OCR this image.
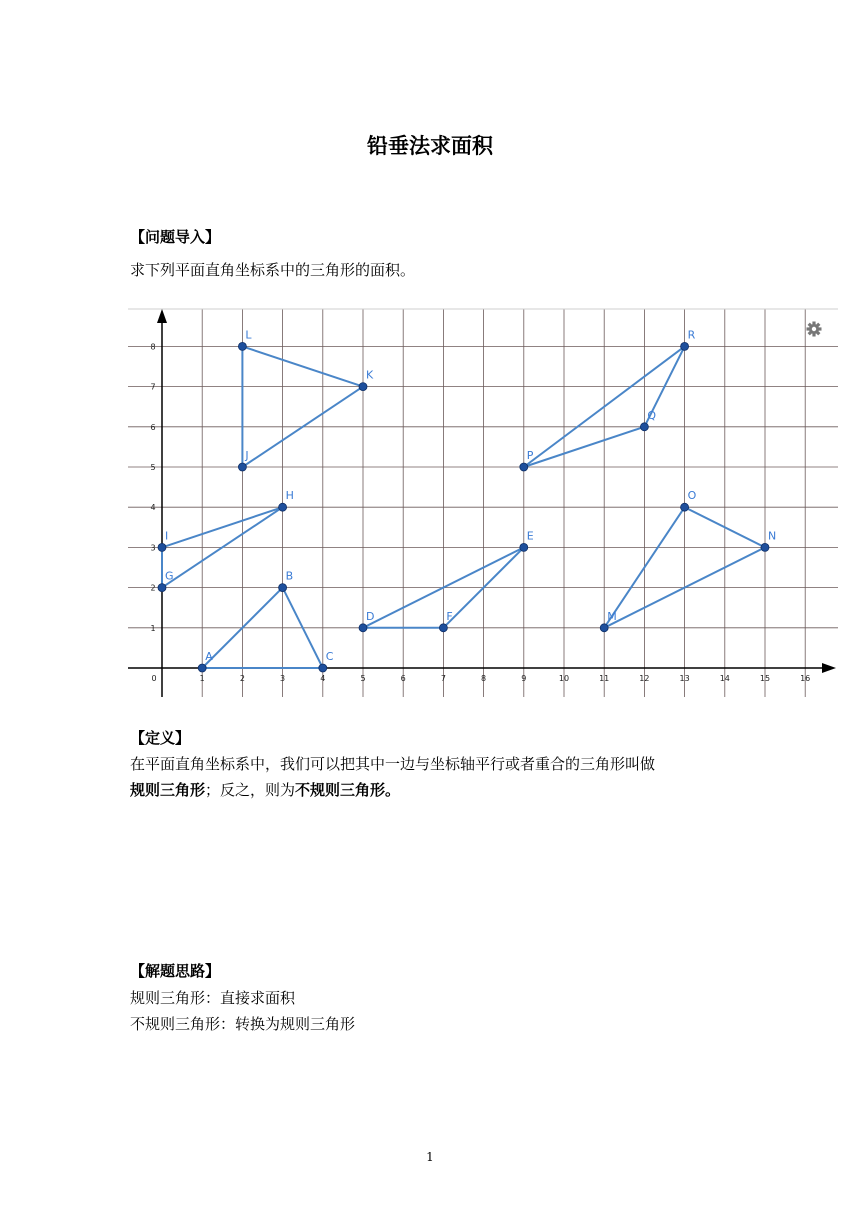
铅垂法求面积
【问题导入】
求下列平面直角坐标系中的三角形的面积。
0	1	2	3	4	5	6	7	8	9	10	11	12	13	14	15	16
1
2
3
4
5
6
7
8
A
B
C
D
E
F
G
H
I
J
K
L
M
N
O
P
Q
R
【定义】
在平面直角坐标系中，我们可以把其中一边与坐标轴平行或者重合的三角形叫做
规则三角形；反之，则为不规则三角形。
【解题思路】
规则三角形：直接求面积
不规则三角形：转换为规则三角形
1
